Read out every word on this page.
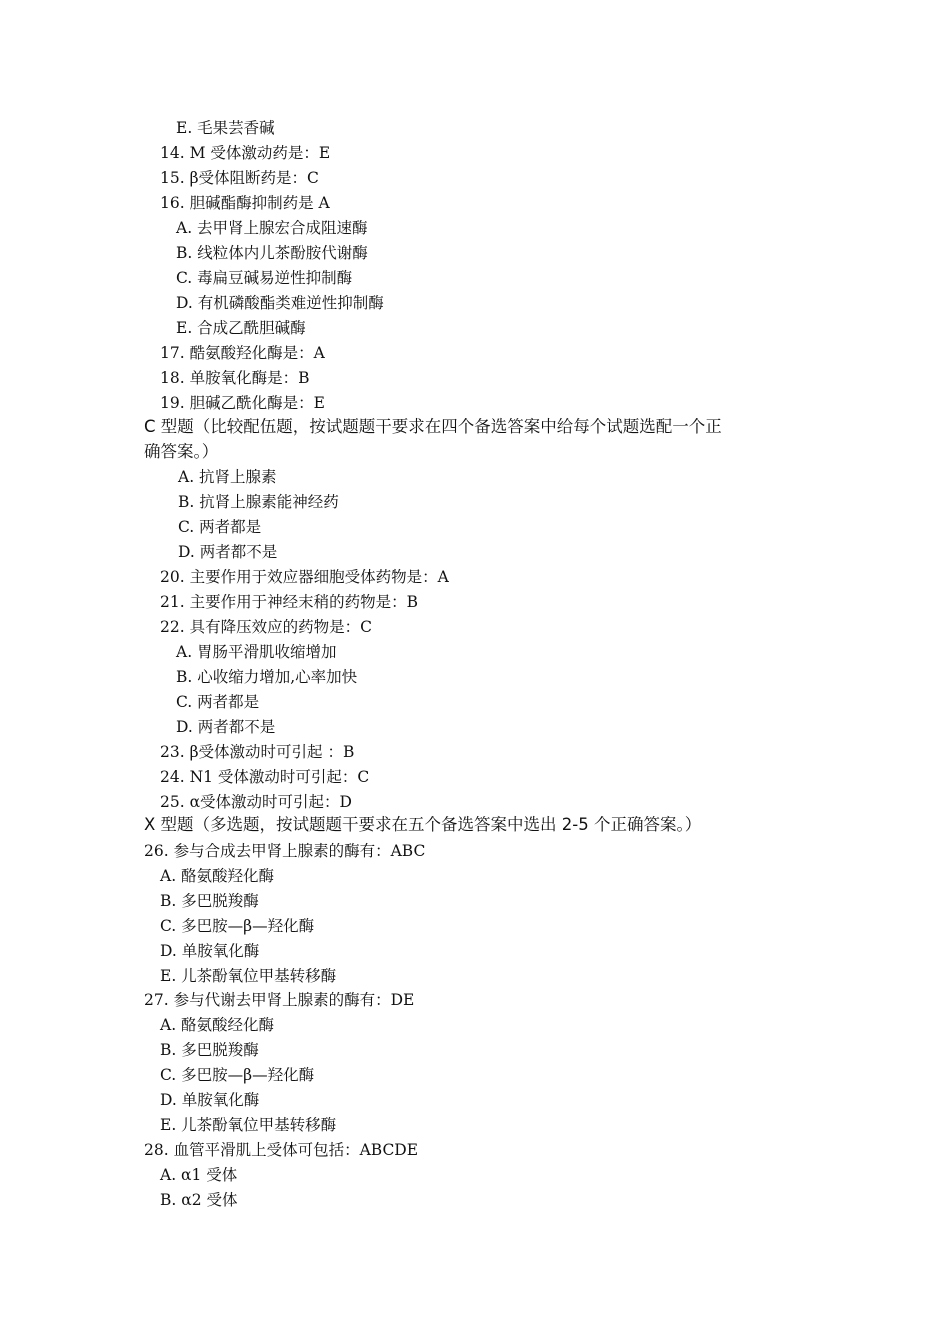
E. 毛果芸香碱
14. M 受体激动药是：E
15. β受体阻断药是：C
16. 胆碱酯酶抑制药是 A
A. 去甲肾上腺宏合成阻速酶
B. 线粒体内儿茶酚胺代谢酶
C. 毒扁豆碱易逆性抑制酶
D. 有机磷酸酯类难逆性抑制酶
E. 合成乙酰胆碱酶
17. 酷氨酸羟化酶是：A
18. 单胺氧化酶是：B
19. 胆碱乙酰化酶是：E
C 型题（比较配伍题，按试题题干要求在四个备选答案中给每个试题选配一个正
确答案。）
A. 抗肾上腺素
B. 抗肾上腺素能神经药
C. 两者都是
D. 两者都不是
20. 主要作用于效应器细胞受体药物是：A
21. 主要作用于神经末稍的药物是：B
22. 具有降压效应的药物是：C
A. 胃肠平滑肌收缩增加
B. 心收缩力增加,心率加快
C. 两者都是
D. 两者都不是
23. β受体激动时可引起 ：B
24. N1 受体激动时可引起：C
25. α受体激动时可引起：D
X 型题（多选题，按试题题干要求在五个备选答案中选出 2-5 个正确答案。）
26. 参与合成去甲肾上腺素的酶有：ABC
A. 酪氨酸羟化酶
B. 多巴脱羧酶
C. 多巴胺—β—羟化酶
D. 单胺氧化酶
E. 儿茶酚氧位甲基转移酶
27. 参与代谢去甲肾上腺素的酶有：DE
A. 酪氨酸经化酶
B. 多巴脱羧酶
C. 多巴胺—β—羟化酶
D. 单胺氧化酶
E. 儿茶酚氧位甲基转移酶
28. 血管平滑肌上受体可包括：ABCDE
A. α1 受体
B. α2 受体
